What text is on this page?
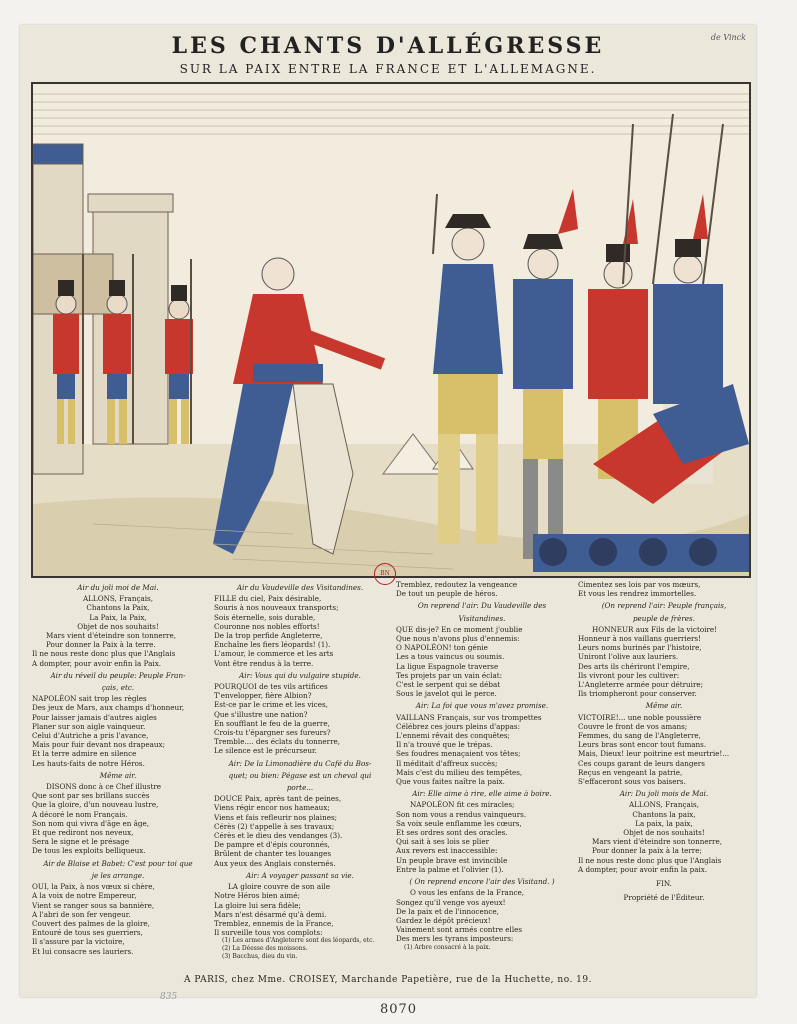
de Vinck
LES CHANTS D'ALLÉGRESSE
SUR LA PAIX ENTRE LA FRANCE ET L'ALLEMAGNE.
BN
Air du joli moi de Mai.
ALLONS, Français,
Chantons la Paix,
La Paix, la Paix,
Objet de nos souhaits!
Mars vient d'éteindre son tonnerre,
Pour donner la Paix à la terre.
Il ne nous reste donc plus que l'Anglais
A dompter, pour avoir enfin la Paix.
Air du réveil du peuple: Peuple Fran-
çais, etc.
NAPOLÉON sait trop les règles
Des jeux de Mars, aux champs d'honneur,
Pour laisser jamais d'autres aigles
Planer sur son aigle vainqueur.
Celui d'Autriche a pris l'avance,
Mais pour fuir devant nos drapeaux;
Et la terre admire en silence
Les hauts-faits de notre Héros.
Même air.
DISONS donc à ce Chef illustre
Que sont par ses brillans succès
Que la gloire, d'un nouveau lustre,
A décoré le nom Français.
Son nom qui vivra d'âge en âge,
Et que rediront nos neveux,
Sera le signe et le présage
De tous les exploits belliqueux.
Air de Blaise et Babet: C'est pour toi que
je les arrange.
OUI, la Paix, à nos vœux si chère,
A la voix de notre Empereur,
Vient se ranger sous sa bannière,
A l'abri de son fer vengeur.
Couvert des palmes de la gloire,
Entouré de tous ses guerriers,
Il s'assure par la victoire,
Et lui consacre ses lauriers.
Air du Vaudeville des Visitandines.
FILLE du ciel, Paix désirable,
Souris à nos nouveaux transports;
Sois éternelle, sois durable,
Couronne nos nobles efforts!
De la trop perfide Angleterre,
Enchaîne les fiers léopards! (1).
L'amour, le commerce et les arts
Vont être rendus à la terre.
Air: Vous qui du vulgaire stupide.
POURQUOI de tes vils artifices
T'envelopper, fière Albion?
Est-ce par le crime et les vices,
Que s'illustre une nation?
En soufflant le feu de la guerre,
Crois-tu t'épargner ses fureurs?
Tremble.... des éclats du tonnerre,
Le silence est le précurseur.
Air: De la Limonadière du Café du Bos-
quet; ou bien: Pégase est un cheval qui
porte...
DOUCE Paix, après tant de peines,
Viens régir encor nos hameaux;
Viens et fais refleurir nos plaines;
Cérès (2) t'appelle à ses travaux;
Cérès et le dieu des vendanges (3).
De pampre et d'épis couronnés,
Brûlent de chanter tes louanges
Aux yeux des Anglais consternés.
Air: A voyager passant sa vie.
LA gloire couvre de son aile
Notre Héros bien aimé;
La gloire lui sera fidèle;
Mars n'est désarmé qu'à demi.
Tremblez, ennemis de la France,
Il surveille tous vos complots:
(1) Les armes d'Angleterre sont des léopards, etc.
(2) La Déesse des moissons.
(3) Bacchus, dieu du vin.
Tremblez, redoutez la vengeance
De tout un peuple de héros.
On reprend l'air: Du Vaudeville des
Visitandines.
QUE dis-je? En ce moment j'oublie
Que nous n'avons plus d'ennemis:
O NAPOLÉON! ton génie
Les a tous vaincus ou soumis.
La ligue Espagnole traverse
Tes projets par un vain éclat:
C'est le serpent qui se débat
Sous le javelot qui le perce.
Air: La foi que vous m'avez promise.
VAILLANS Français, sur vos trompettes
Célébrez ces jours pleins d'appas:
L'ennemi rêvait des conquêtes;
Il n'a trouvé que le trépas.
Ses foudres menaçaient vos têtes;
Il méditait d'affreux succès;
Mais c'est du milieu des tempêtes,
Que vous faites naître la paix.
Air: Elle aime à rire, elle aime à boire.
NAPOLÉON fit ces miracles;
Son nom vous a rendus vainqueurs.
Sa voix seule enflamme les cœurs,
Et ses ordres sont des oracles.
Qui sait à ses lois se plier
Aux revers est inaccessible:
Un peuple brave est invincible
Entre la palme et l'olivier (1).
( On reprend encore l'air des Visitand. )
O vous les enfans de la France,
Songez qu'il venge vos ayeux!
De la paix et de l'innocence,
Gardez le dépôt précieux!
Vainement sont armés contre elles
Des mers les tyrans imposteurs:
(1) Arbre consacré à la paix.
Cimentez ses lois par vos mœurs,
Et vous les rendrez immortelles.
(On reprend l'air: Peuple français,
peuple de frères.
HONNEUR aux Fils de la victoire!
Honneur à nos vaillans guerriers!
Leurs noms burinés par l'histoire,
Uniront l'olive aux lauriers.
Des arts ils chériront l'empire,
Ils vivront pour les cultiver:
L'Angleterre armée pour détruire;
Ils triompheront pour conserver.
Même air.
VICTOIRE!... une noble poussière
Couvre le front de vos amans;
Femmes, du sang de l'Angleterre,
Leurs bras sont encor tout fumans.
Mais, Dieux! leur poitrine est meurtrie!...
Ces coups garant de leurs dangers
Reçus en vengeant la patrie,
S'effaceront sous vos baisers.
Air: Du joli mois de Mai.
ALLONS, Français,
Chantons la paix,
La paix, la paix,
Objet de nos souhaits!
Mars vient d'éteindre son tonnerre,
Pour donner la paix à la terre;
Il ne nous reste donc plus que l'Anglais
A dompter, pour avoir enfin la paix.
FIN.
Propriété de l'Éditeur.
835
A PARIS, chez Mme. CROISEY, Marchande Papetière, rue de la Huchette, no. 19.
8070
